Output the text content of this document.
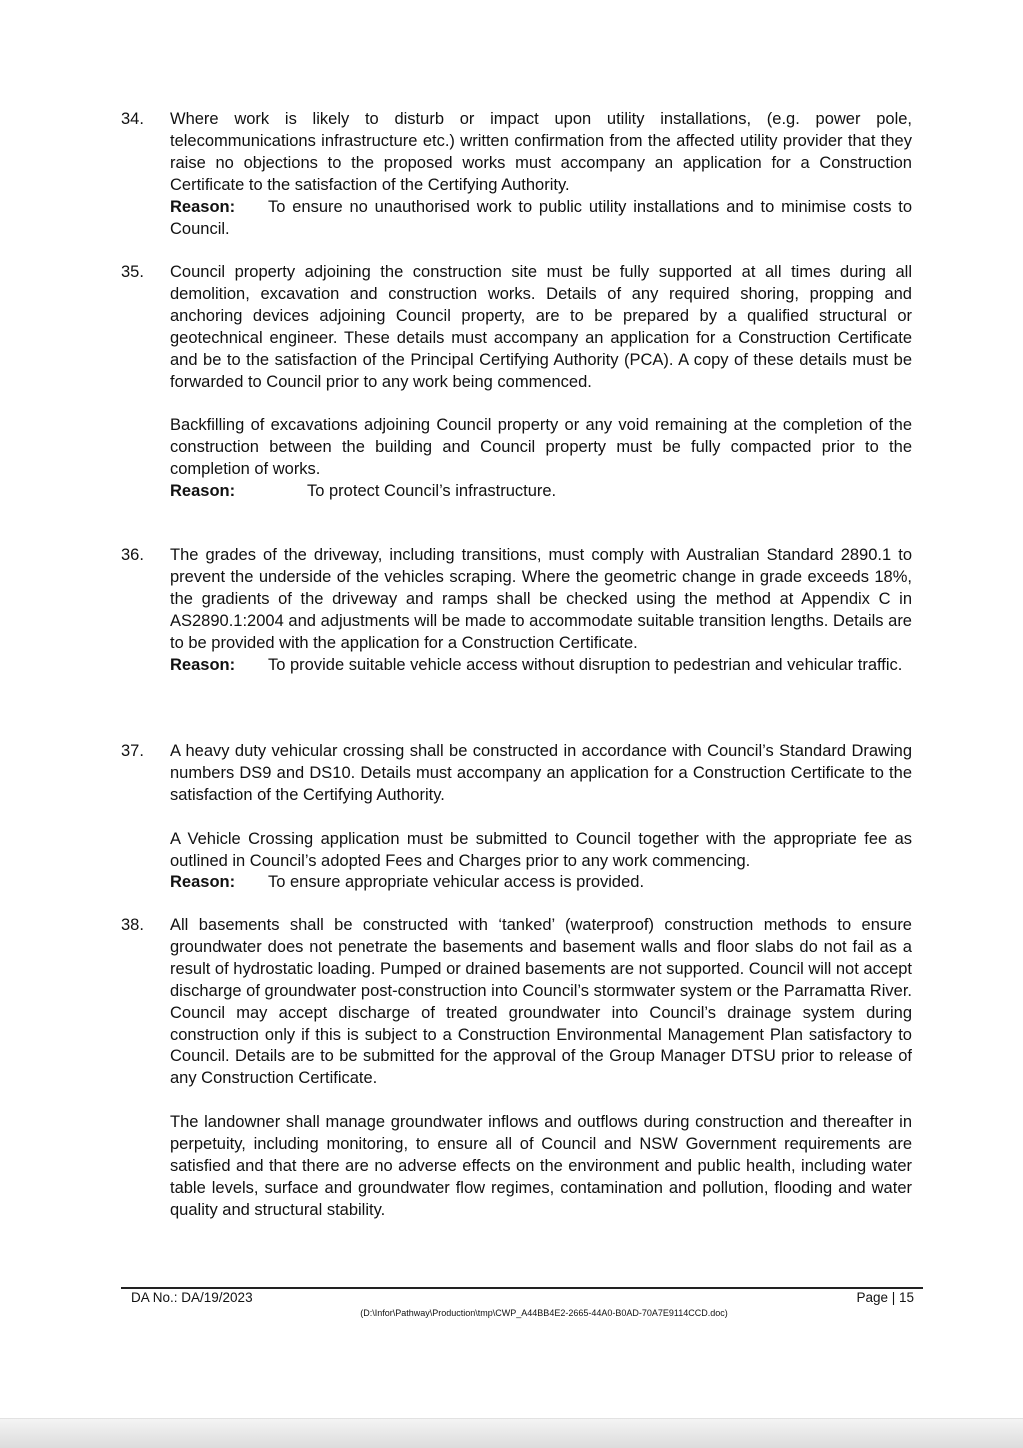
34. Where work is likely to disturb or impact upon utility installations, (e.g. power pole, telecommunications infrastructure etc.) written confirmation from the affected utility provider that they raise no objections to the proposed works must accompany an application for a Construction Certificate to the satisfaction of the Certifying Authority.

Reason:	To ensure no unauthorised work to public utility installations and to minimise costs to Council.
35. Council property adjoining the construction site must be fully supported at all times during all demolition, excavation and construction works. Details of any required shoring, propping and anchoring devices adjoining Council property, are to be prepared by a qualified structural or geotechnical engineer. These details must accompany an application for a Construction Certificate and be to the satisfaction of the Principal Certifying Authority (PCA). A copy of these details must be forwarded to Council prior to any work being commenced.

Backfilling of excavations adjoining Council property or any void remaining at the completion of the construction between the building and Council property must be fully compacted prior to the completion of works.

Reason:	To protect Council’s infrastructure.
36. The grades of the driveway, including transitions, must comply with Australian Standard 2890.1 to prevent the underside of the vehicles scraping. Where the geometric change in grade exceeds 18%, the gradients of the driveway and ramps shall be checked using the method at Appendix C in AS2890.1:2004 and adjustments will be made to accommodate suitable transition lengths. Details are to be provided with the application for a Construction Certificate.

Reason:	To provide suitable vehicle access without disruption to pedestrian and vehicular traffic.
37. A heavy duty vehicular crossing shall be constructed in accordance with Council’s Standard Drawing numbers DS9 and DS10. Details must accompany an application for a Construction Certificate to the satisfaction of the Certifying Authority.

A Vehicle Crossing application must be submitted to Council together with the appropriate fee as outlined in Council’s adopted Fees and Charges prior to any work commencing.

Reason:	To ensure appropriate vehicular access is provided.
38. All basements shall be constructed with ‘tanked’ (waterproof) construction methods to ensure groundwater does not penetrate the basements and basement walls and floor slabs do not fail as a result of hydrostatic loading. Pumped or drained basements are not supported. Council will not accept discharge of groundwater post-construction into Council’s stormwater system or the Parramatta River. Council may accept discharge of treated groundwater into Council’s drainage system during construction only if this is subject to a Construction Environmental Management Plan satisfactory to Council. Details are to be submitted for the approval of the Group Manager DTSU prior to release of any Construction Certificate.

The landowner shall manage groundwater inflows and outflows during construction and thereafter in perpetuity, including monitoring, to ensure all of Council and NSW Government requirements are satisfied and that there are no adverse effects on the environment and public health, including water table levels, surface and groundwater flow regimes, contamination and pollution, flooding and water quality and structural stability.

DA No.: DA/19/2023	Page | 15
(D:\Infor\Pathway\Production\tmp\CWP_A44BB4E2-2665-44A0-B0AD-70A7E9114CCD.doc)
